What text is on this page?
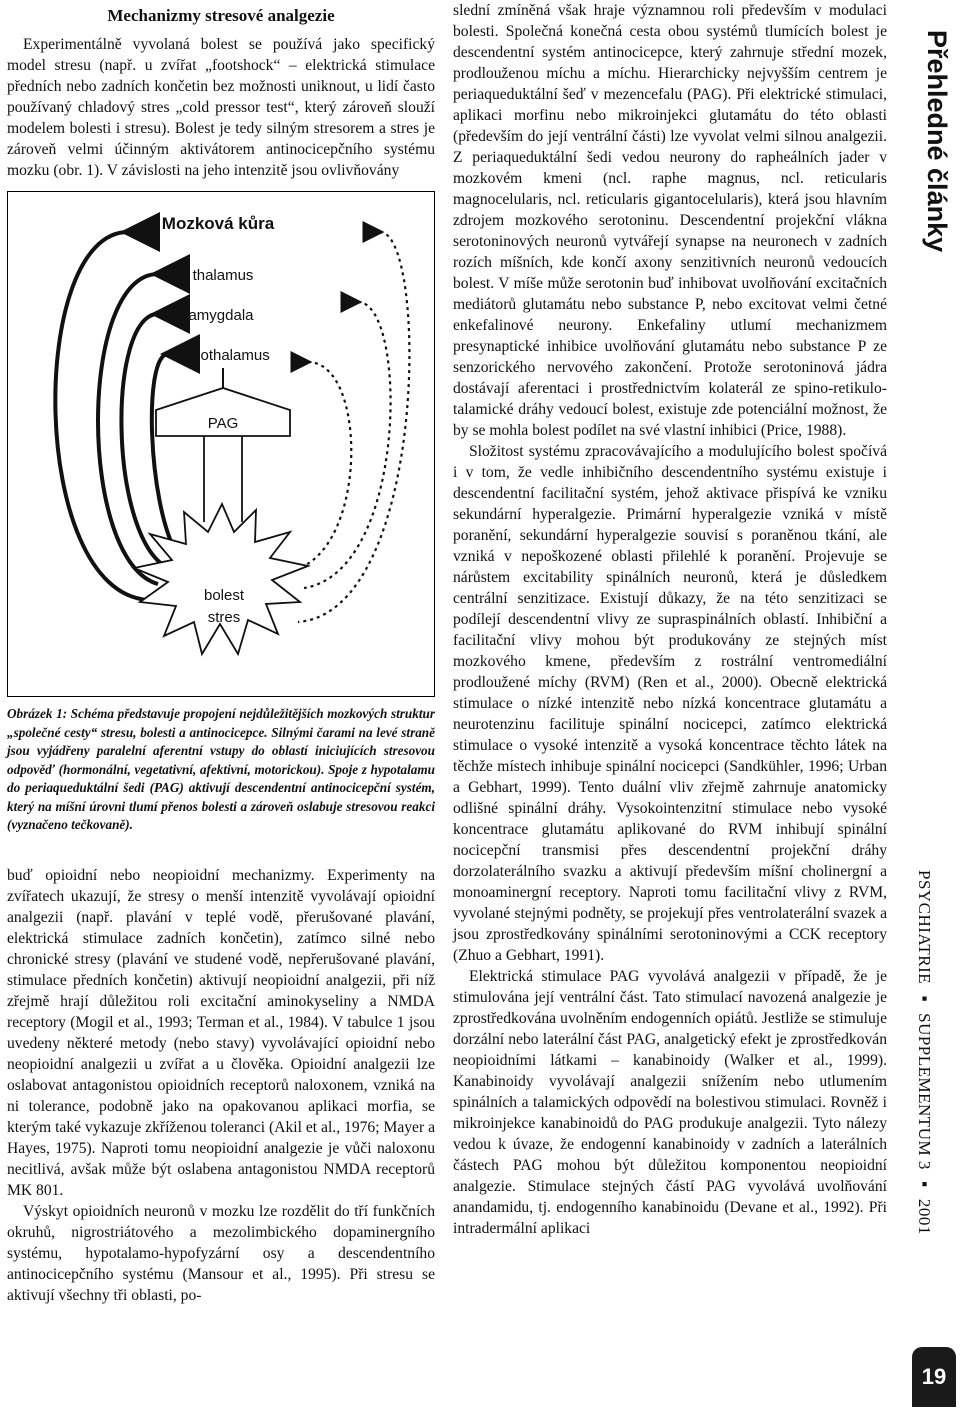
Mechanizmy stresové analgezie

Experimentálně vyvolaná bolest se používá jako specifický model stresu (např. u zvířat „footshock“ – elektrická stimulace předních nebo zadních končetin bez možnosti uniknout, u lidí často používaný chladový stres „cold pressor test“, který zároveň slouží modelem bolesti i stresu). Bolest je tedy silným stresorem a stres je zároveň velmi účinným aktivátorem antinocicepčního systému mozku (obr. 1). V závislosti na jeho intenzitě jsou ovlivňovány

Mozková kůra
thalamus
amygdala
hypothalamus
PAG
bolest
stres

Obrázek 1: Schéma představuje propojení nejdůležitějších mozkových struktur „společné cesty“ stresu, bolesti a antinocicepce. Silnými čarami na levé straně jsou vyjádřeny paralelní aferentní vstupy do oblastí iniciujících stresovou odpověď (hormonální, vegetativní, afektivní, motorickou). Spoje z hypotalamu do periaqueduktální šedi (PAG) aktivují descendentní antinocicepční systém, který na míšní úrovni tlumí přenos bolesti a zároveň oslabuje stresovou reakci (vyznačeno tečkovaně).

buď opioidní nebo neopioidní mechanizmy. Experimenty na zvířatech ukazují, že stresy o menší intenzitě vyvolávají opioidní analgezii (např. plavání v teplé vodě, přerušované plavání, elektrická stimulace zadních končetin), zatímco silné nebo chronické stresy (plavání ve studené vodě, nepřerušované plavání, stimulace předních končetin) aktivují neopioidní analgezii, při níž zřejmě hrají důležitou roli excitační aminokyseliny a NMDA receptory (Mogil et al., 1993; Terman et al., 1984). V tabulce 1 jsou uvedeny některé metody (nebo stavy) vyvolávající opioidní nebo neopioidní analgezii u zvířat a u člověka. Opioidní analgezii lze oslabovat antagonistou opioidních receptorů naloxonem, vzniká na ni tolerance, podobně jako na opakovanou aplikaci morfia, se kterým také vykazuje zkříženou toleranci (Akil et al., 1976; Mayer a Hayes, 1975). Naproti tomu neopioidní analgezie je vůči naloxonu necitlivá, avšak může být oslabena antagonistou NMDA receptorů MK 801.

Výskyt opioidních neuronů v mozku lze rozdělit do tří funkčních okruhů, nigrostriátového a mezolimbického dopaminergního systému, hypotalamo-hypofyzární osy a descendentního antinocicepčního systému (Mansour et al., 1995). Při stresu se aktivují všechny tři oblasti, po-

slední zmíněná však hraje významnou roli především v modulaci bolesti. Společná konečná cesta obou systémů tlumících bolest je descendentní systém antinocicepce, který zahrnuje střední mozek, prodlouženou míchu a míchu. Hierarchicky nejvyšším centrem je periaqueduktální šeď v mezencefalu (PAG). Při elektrické stimulaci, aplikaci morfinu nebo mikroinjekci glutamátu do této oblasti (především do její ventrální části) lze vyvolat velmi silnou analgezii. Z periaqueduktální šedi vedou neurony do rapheálních jader v mozkovém kmeni (ncl. raphe magnus, ncl. reticularis magnocelularis, ncl. reticularis gigantocelularis), která jsou hlavním zdrojem mozkového serotoninu. Descendentní projekční vlákna serotoninových neuronů vytvářejí synapse na neuronech v zadních rozích míšních, kde končí axony senzitivních neuronů vedoucích bolest. V míše může serotonin buď inhibovat uvolňování excitačních mediátorů glutamátu nebo substance P, nebo excitovat velmi četné enkefalinové neurony. Enkefaliny utlumí mechanizmem presynaptické inhibice uvolňování glutamátu nebo substance P ze senzorického nervového zakončení. Protože serotoninová jádra dostávají aferentaci i prostřednictvím kolaterál ze spino-retikulo-talamické dráhy vedoucí bolest, existuje zde potenciální možnost, že by se mohla bolest podílet na své vlastní inhibici (Price, 1988).

Složitost systému zpracovávajícího a modulujícího bolest spočívá i v tom, že vedle inhibičního descendentního systému existuje i descendentní facilitační systém, jehož aktivace přispívá ke vzniku sekundární hyperalgezie. Primární hyperalgezie vzniká v místě poranění, sekundární hyperalgezie souvisí s poraněnou tkání, ale vzniká v nepoškozené oblasti přilehlé k poranění. Projevuje se nárůstem excitability spinálních neuronů, která je důsledkem centrální senzitizace. Existují důkazy, že na této senzitizaci se podílejí descendentní vlivy ze supraspinálních oblastí. Inhibiční a facilitační vlivy mohou být produkovány ze stejných míst mozkového kmene, především z rostrální ventromediální prodloužené míchy (RVM) (Ren et al., 2000). Obecně elektrická stimulace o nízké intenzitě nebo nízká koncentrace glutamátu a neurotenzinu facilituje spinální nocicepci, zatímco elektrická stimulace o vysoké intenzitě a vysoká koncentrace těchto látek na těchže místech inhibuje spinální nocicepci (Sandkühler, 1996; Urban a Gebhart, 1999). Tento duální vliv zřejmě zahrnuje anatomicky odlišné spinální dráhy. Vysokointenzitní stimulace nebo vysoké koncentrace glutamátu aplikované do RVM inhibují spinální nocicepční transmisi přes descendentní projekční dráhy dorzolaterálního svazku a aktivují především míšní cholinergní a monoaminergní receptory. Naproti tomu facilitační vlivy z RVM, vyvolané stejnými podněty, se projekují přes ventrolaterální svazek a jsou zprostředkovány spinálními serotoninovými a CCK receptory (Zhuo a Gebhart, 1991).

Elektrická stimulace PAG vyvolává analgezii v případě, že je stimulována její ventrální část. Tato stimulací navozená analgezie je zprostředkována uvolněním endogenních opiátů. Jestliže se stimuluje dorzální nebo laterální část PAG, analgetický efekt je zprostředkován neopioidními látkami – kanabinoidy (Walker et al., 1999). Kanabinoidy vyvolávají analgezii snížením nebo utlumením spinálních a talamických odpovědí na bolestivou stimulaci. Rovněž i mikroinjekce kanabinoidů do PAG produkuje analgezii. Tyto nálezy vedou k úvaze, že endogenní kanabinoidy v zadních a laterálních částech PAG mohou být důležitou komponentou neopioidní analgezie. Stimulace stejných částí PAG vyvolává uvolňování anandamidu, tj. endogenního kanabinoidu (Devane et al., 1992). Při intradermální aplikaci

Přehledné články
PSYCHIATRIE ▪ SUPPLEMENTUM 3 ▪ 2001
19
